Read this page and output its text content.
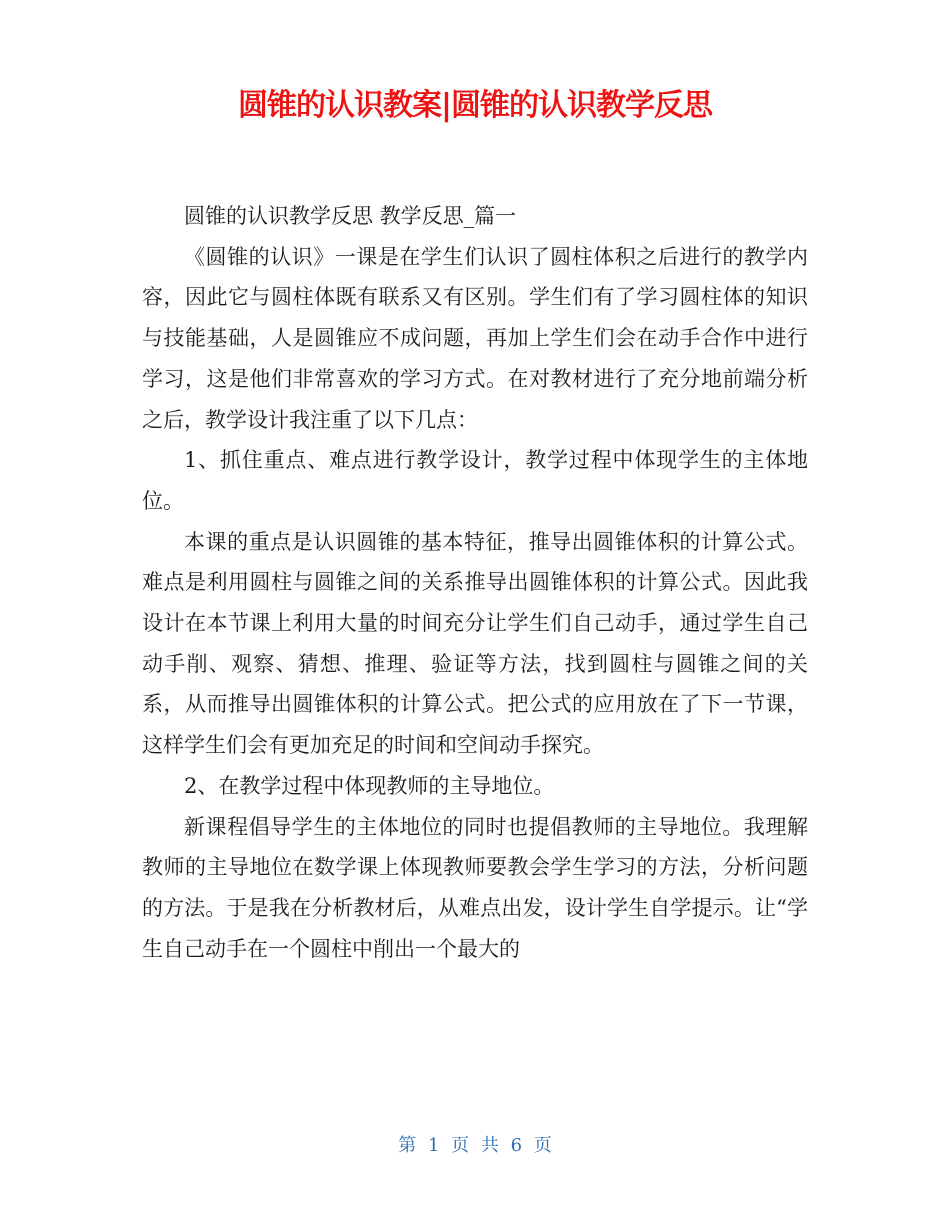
圆锥的认识教案|圆锥的认识教学反思

圆锥的认识教学反思 教学反思_篇一

《圆锥的认识》一课是在学生们认识了圆柱体积之后进行的教学内容，因此它与圆柱体既有联系又有区别。学生们有了学习圆柱体的知识与技能基础，人是圆锥应不成问题，再加上学生们会在动手合作中进行学习，这是他们非常喜欢的学习方式。在对教材进行了充分地前端分析之后，教学设计我注重了以下几点：

1、抓住重点、难点进行教学设计，教学过程中体现学生的主体地位。

本课的重点是认识圆锥的基本特征，推导出圆锥体积的计算公式。难点是利用圆柱与圆锥之间的关系推导出圆锥体积的计算公式。因此我设计在本节课上利用大量的时间充分让学生们自己动手，通过学生自己动手削、观察、猜想、推理、验证等方法，找到圆柱与圆锥之间的关系，从而推导出圆锥体积的计算公式。把公式的应用放在了下一节课，这样学生们会有更加充足的时间和空间动手探究。

2、在教学过程中体现教师的主导地位。

新课程倡导学生的主体地位的同时也提倡教师的主导地位。我理解教师的主导地位在数学课上体现教师要教会学生学习的方法，分析问题的方法。于是我在分析教材后，从难点出发，设计学生自学提示。让“学生自己动手在一个圆柱中削出一个最大的

第 1 页 共 6 页
